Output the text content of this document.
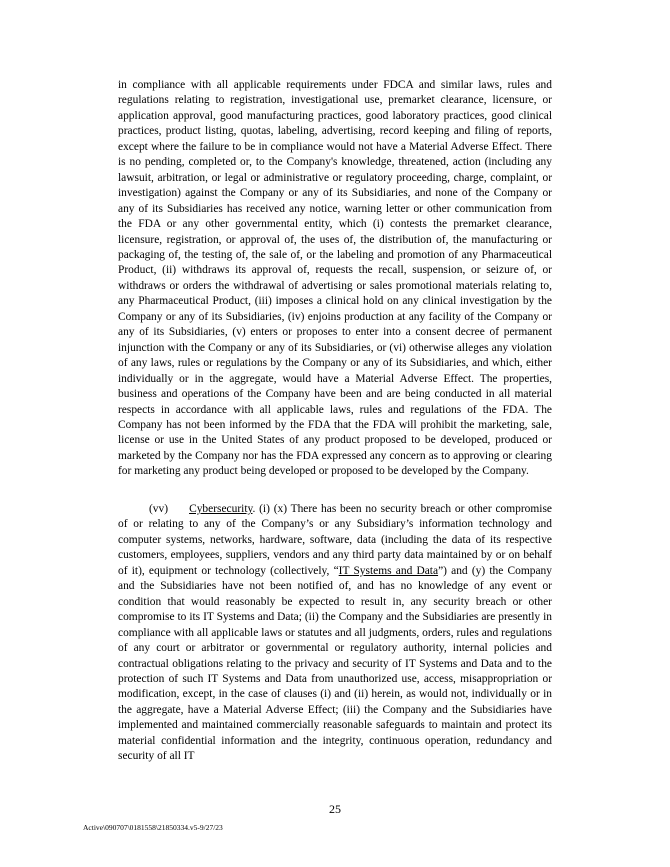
in compliance with all applicable requirements under FDCA and similar laws, rules and regulations relating to registration, investigational use, premarket clearance, licensure, or application approval, good manufacturing practices, good laboratory practices, good clinical practices, product listing, quotas, labeling, advertising, record keeping and filing of reports, except where the failure to be in compliance would not have a Material Adverse Effect. There is no pending, completed or, to the Company's knowledge, threatened, action (including any lawsuit, arbitration, or legal or administrative or regulatory proceeding, charge, complaint, or investigation) against the Company or any of its Subsidiaries, and none of the Company or any of its Subsidiaries has received any notice, warning letter or other communication from the FDA or any other governmental entity, which (i) contests the premarket clearance, licensure, registration, or approval of, the uses of, the distribution of, the manufacturing or packaging of, the testing of, the sale of, or the labeling and promotion of any Pharmaceutical Product, (ii) withdraws its approval of, requests the recall, suspension, or seizure of, or withdraws or orders the withdrawal of advertising or sales promotional materials relating to, any Pharmaceutical Product, (iii) imposes a clinical hold on any clinical investigation by the Company or any of its Subsidiaries, (iv) enjoins production at any facility of the Company or any of its Subsidiaries, (v) enters or proposes to enter into a consent decree of permanent injunction with the Company or any of its Subsidiaries, or (vi) otherwise alleges any violation of any laws, rules or regulations by the Company or any of its Subsidiaries, and which, either individually or in the aggregate, would have a Material Adverse Effect. The properties, business and operations of the Company have been and are being conducted in all material respects in accordance with all applicable laws, rules and regulations of the FDA. The Company has not been informed by the FDA that the FDA will prohibit the marketing, sale, license or use in the United States of any product proposed to be developed, produced or marketed by the Company nor has the FDA expressed any concern as to approving or clearing for marketing any product being developed or proposed to be developed by the Company.
(vv) Cybersecurity. (i) (x) There has been no security breach or other compromise of or relating to any of the Company’s or any Subsidiary’s information technology and computer systems, networks, hardware, software, data (including the data of its respective customers, employees, suppliers, vendors and any third party data maintained by or on behalf of it), equipment or technology (collectively, “IT Systems and Data”) and (y) the Company and the Subsidiaries have not been notified of, and has no knowledge of any event or condition that would reasonably be expected to result in, any security breach or other compromise to its IT Systems and Data; (ii) the Company and the Subsidiaries are presently in compliance with all applicable laws or statutes and all judgments, orders, rules and regulations of any court or arbitrator or governmental or regulatory authority, internal policies and contractual obligations relating to the privacy and security of IT Systems and Data and to the protection of such IT Systems and Data from unauthorized use, access, misappropriation or modification, except, in the case of clauses (i) and (ii) herein, as would not, individually or in the aggregate, have a Material Adverse Effect; (iii) the Company and the Subsidiaries have implemented and maintained commercially reasonable safeguards to maintain and protect its material confidential information and the integrity, continuous operation, redundancy and security of all IT
25
Active\090707\0181558\21850334.v5-9/27/23
